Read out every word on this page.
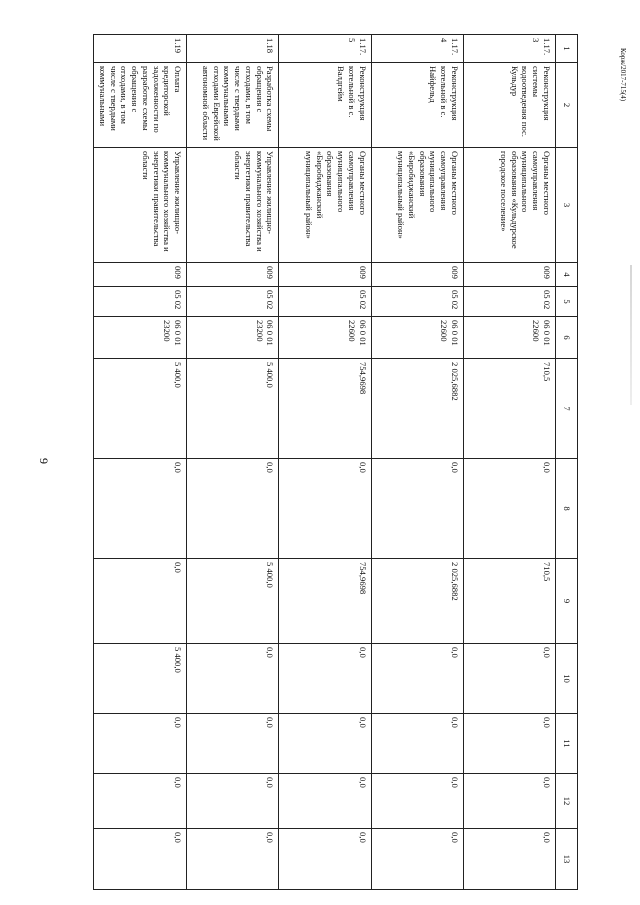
9
Корж/2017-715(4)
1	2	3	4	5	6	7	8	9	10	11	12	13
1.17.3	Реконструкция системы водоотведения пос. Кульдур	Органы местного самоуправления муниципального образования «Кульдурское городское поселение»	009	05 02	06 0 01 22600	710,5	0,0	710,5	0,0	0,0	0,0	0,0
1.17.4	Реконструкция котельной в с. Найфельд	Органы местного самоуправления муниципального образования «Биробиджанский муниципальный район»	009	05 02	06 0 01 22600	2 025,6882	0,0	2 025,6882	0,0	0,0	0,0	0,0
1.17.5	Реконструкция котельной в с. Валдгейм	Органы местного самоуправления муниципального образования «Биробиджанский муниципальный район»	009	05 02	06 0 01 22600	754,9698	0,0	754,9698	0,0	0,0	0,0	0,0
1.18	Разработка схемы обращения с отходами, в том числе с твердыми коммунальными отходами Еврейской автономной области	Управление жилищно-коммунального хозяйства и энергетики правительства области	009	05 02	06 0 01 23200	5 400,0	0,0	5 400,0	0,0	0,0	0,0	0,0
1.19	Оплата кредиторской задолженности по разработке схемы обращения с отходами, в том числе с твердыми коммунальными	Управление жилищно-коммунального хозяйства и энергетики правительства области	009	05 02	06 0 01 23200	5 400,0	0,0	0,0	5 400,0	0,0	0,0	0,0
